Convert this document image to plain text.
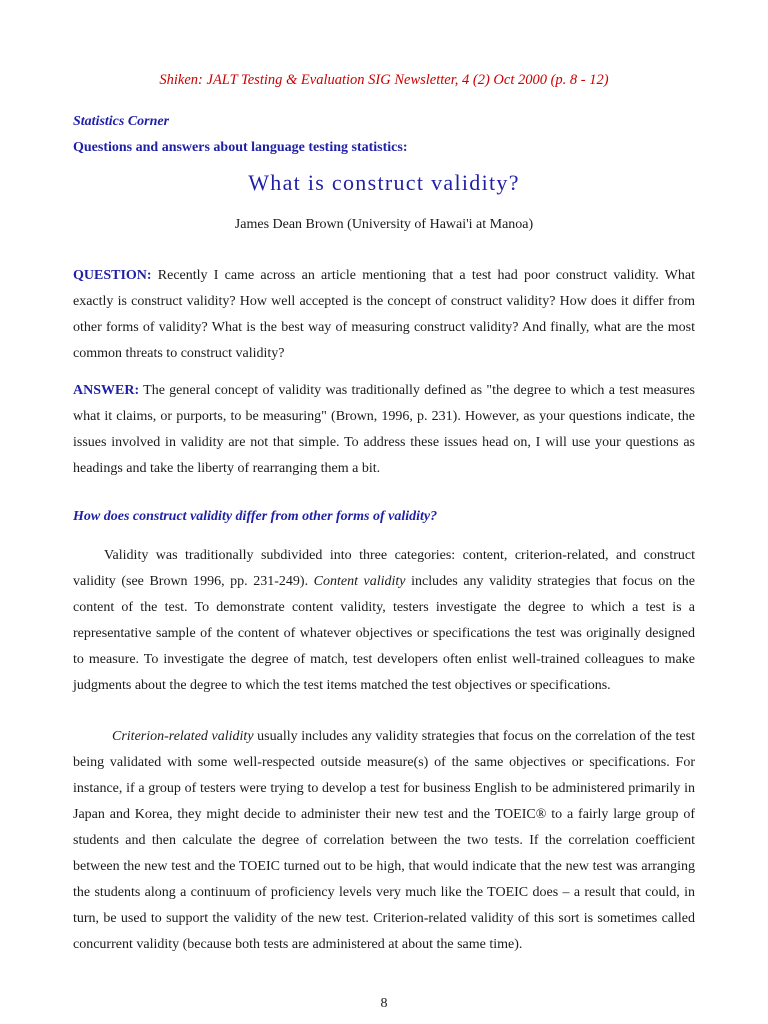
Shiken: JALT Testing & Evaluation SIG Newsletter, 4 (2) Oct 2000 (p. 8 - 12)
Statistics Corner
Questions and answers about language testing statistics:
What is construct validity?
James Dean Brown (University of Hawai'i at Manoa)
QUESTION: Recently I came across an article mentioning that a test had poor construct validity. What exactly is construct validity? How well accepted is the concept of construct validity? How does it differ from other forms of validity? What is the best way of measuring construct validity? And finally, what are the most common threats to construct validity?
ANSWER: The general concept of validity was traditionally defined as "the degree to which a test measures what it claims, or purports, to be measuring" (Brown, 1996, p. 231). However, as your questions indicate, the issues involved in validity are not that simple. To address these issues head on, I will use your questions as headings and take the liberty of rearranging them a bit.
How does construct validity differ from other forms of validity?
Validity was traditionally subdivided into three categories: content, criterion-related, and construct validity (see Brown 1996, pp. 231-249). Content validity includes any validity strategies that focus on the content of the test. To demonstrate content validity, testers investigate the degree to which a test is a representative sample of the content of whatever objectives or specifications the test was originally designed to measure. To investigate the degree of match, test developers often enlist well-trained colleagues to make judgments about the degree to which the test items matched the test objectives or specifications.
Criterion-related validity usually includes any validity strategies that focus on the correlation of the test being validated with some well-respected outside measure(s) of the same objectives or specifications. For instance, if a group of testers were trying to develop a test for business English to be administered primarily in Japan and Korea, they might decide to administer their new test and the TOEIC® to a fairly large group of students and then calculate the degree of correlation between the two tests. If the correlation coefficient between the new test and the TOEIC turned out to be high, that would indicate that the new test was arranging the students along a continuum of proficiency levels very much like the TOEIC does – a result that could, in turn, be used to support the validity of the new test. Criterion-related validity of this sort is sometimes called concurrent validity (because both tests are administered at about the same time).
8
